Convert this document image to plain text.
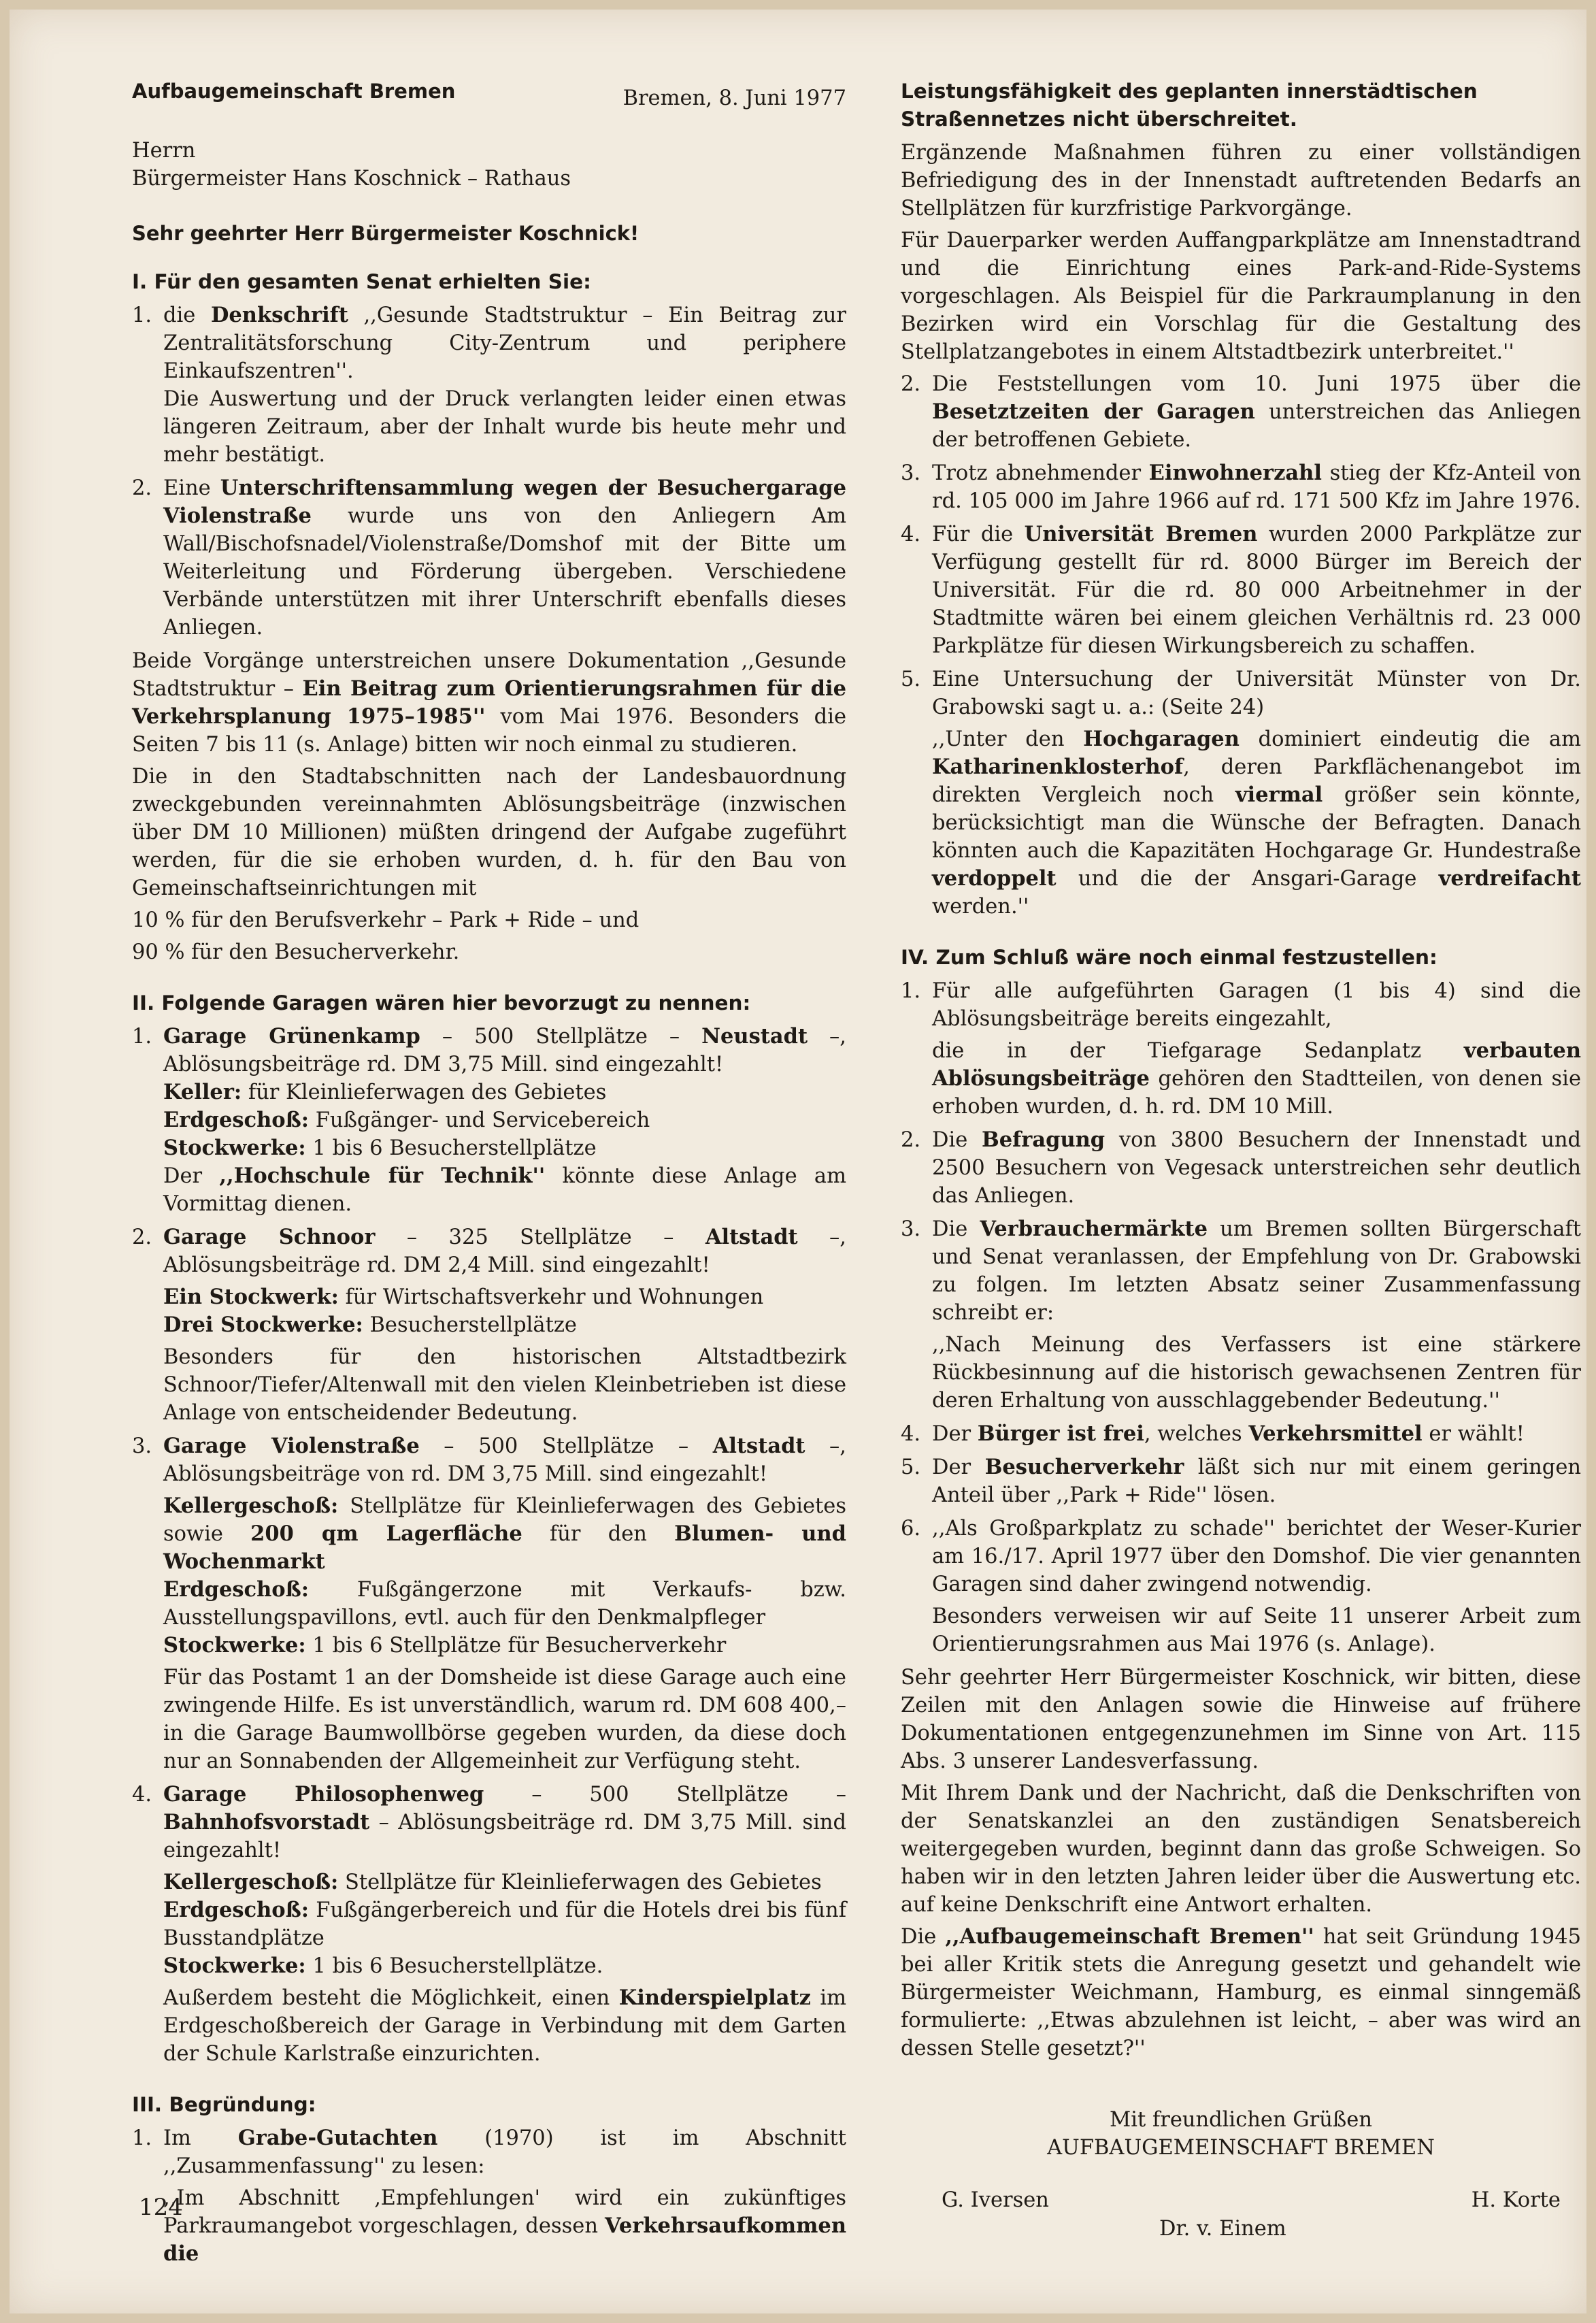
Aufbaugemeinschaft Bremen	Bremen, 8. Juni 1977
Herrn
Bürgermeister Hans Koschnick – Rathaus
Sehr geehrter Herr Bürgermeister Koschnick!
I. Für den gesamten Senat erhielten Sie:
1. die Denkschrift ,,Gesunde Stadtstruktur – Ein Beitrag zur Zentralitätsforschung City-Zentrum und periphere Einkaufszentren''.
Die Auswertung und der Druck verlangten leider einen etwas längeren Zeitraum, aber der Inhalt wurde bis heute mehr und mehr bestätigt.
2. Eine Unterschriftensammlung wegen der Besuchergarage Violenstraße wurde uns von den Anliegern Am Wall/Bischofsnadel/Violenstraße/Domshof mit der Bitte um Weiterleitung und Förderung übergeben. Verschiedene Verbände unterstützen mit ihrer Unterschrift ebenfalls dieses Anliegen.

Beide Vorgänge unterstreichen unsere Dokumentation ,,Gesunde Stadtstruktur – Ein Beitrag zum Orientierungsrahmen für die Verkehrsplanung 1975–1985'' vom Mai 1976. Besonders die Seiten 7 bis 11 (s. Anlage) bitten wir noch einmal zu studieren.

Die in den Stadtabschnitten nach der Landesbauordnung zweckgebunden vereinnahmten Ablösungsbeiträge (inzwischen über DM 10 Millionen) müßten dringend der Aufgabe zugeführt werden, für die sie erhoben wurden, d. h. für den Bau von Gemeinschaftseinrichtungen mit

10 % für den Berufsverkehr – Park + Ride – und

90 % für den Besucherverkehr.

II. Folgende Garagen wären hier bevorzugt zu nennen:
1. Garage Grünenkamp – 500 Stellplätze – Neustadt –, Ablösungsbeiträge rd. DM 3,75 Mill. sind eingezahlt!
Keller: für Kleinlieferwagen des Gebietes
Erdgeschoß: Fußgänger- und Servicebereich
Stockwerke: 1 bis 6 Besucherstellplätze
Der ,,Hochschule für Technik'' könnte diese Anlage am Vormittag dienen.
2. Garage Schnoor – 325 Stellplätze – Altstadt –, Ablösungsbeiträge rd. DM 2,4 Mill. sind eingezahlt!
Ein Stockwerk: für Wirtschaftsverkehr und Wohnungen
Drei Stockwerke: Besucherstellplätze
Besonders für den historischen Altstadtbezirk Schnoor/Tiefer/Altenwall mit den vielen Kleinbetrieben ist diese Anlage von entscheidender Bedeutung.
3. Garage Violenstraße – 500 Stellplätze – Altstadt –, Ablösungsbeiträge von rd. DM 3,75 Mill. sind eingezahlt!
Kellergeschoß: Stellplätze für Kleinlieferwagen des Gebietes sowie 200 qm Lagerfläche für den Blumen- und Wochenmarkt
Erdgeschoß: Fußgängerzone mit Verkaufs- bzw. Ausstellungspavillons, evtl. auch für den Denkmalpfleger
Stockwerke: 1 bis 6 Stellplätze für Besucherverkehr
Für das Postamt 1 an der Domsheide ist diese Garage auch eine zwingende Hilfe. Es ist unverständlich, warum rd. DM 608 400,– in die Garage Baumwollbörse gegeben wurden, da diese doch nur an Sonnabenden der Allgemeinheit zur Verfügung steht.
4. Garage Philosophenweg – 500 Stellplätze – Bahnhofsvorstadt – Ablösungsbeiträge rd. DM 3,75 Mill. sind eingezahlt!
Kellergeschoß: Stellplätze für Kleinlieferwagen des Gebietes
Erdgeschoß: Fußgängerbereich und für die Hotels drei bis fünf Busstandplätze
Stockwerke: 1 bis 6 Besucherstellplätze.
Außerdem besteht die Möglichkeit, einen Kinderspielplatz im Erdgeschoßbereich der Garage in Verbindung mit dem Garten der Schule Karlstraße einzurichten.
III. Begründung:
1. Im Grabe-Gutachten (1970) ist im Abschnitt ,,Zusammenfassung'' zu lesen:
,,Im Abschnitt ‚Empfehlungen' wird ein zukünftiges Parkraumangebot vorgeschlagen, dessen Verkehrsaufkommen die
Leistungsfähigkeit des geplanten innerstädtischen Straßennetzes nicht überschreitet.

Ergänzende Maßnahmen führen zu einer vollständigen Befriedigung des in der Innenstadt auftretenden Bedarfs an Stellplätzen für kurzfristige Parkvorgänge.

Für Dauerparker werden Auffangparkplätze am Innenstadtrand und die Einrichtung eines Park-and-Ride-Systems vorgeschlagen. Als Beispiel für die Parkraumplanung in den Bezirken wird ein Vorschlag für die Gestaltung des Stellplatzangebotes in einem Altstadtbezirk unterbreitet.''

2. Die Feststellungen vom 10. Juni 1975 über die Besetztzeiten der Garagen unterstreichen das Anliegen der betroffenen Gebiete.
3. Trotz abnehmender Einwohnerzahl stieg der Kfz-Anteil von rd. 105 000 im Jahre 1966 auf rd. 171 500 Kfz im Jahre 1976.
4. Für die Universität Bremen wurden 2000 Parkplätze zur Verfügung gestellt für rd. 8000 Bürger im Bereich der Universität. Für die rd. 80 000 Arbeitnehmer in der Stadtmitte wären bei einem gleichen Verhältnis rd. 23 000 Parkplätze für diesen Wirkungsbereich zu schaffen.
5. Eine Untersuchung der Universität Münster von Dr. Grabowski sagt u. a.: (Seite 24)
,,Unter den Hochgaragen dominiert eindeutig die am Katharinenklosterhof, deren Parkflächenangebot im direkten Vergleich noch viermal größer sein könnte, berücksichtigt man die Wünsche der Befragten. Danach könnten auch die Kapazitäten Hochgarage Gr. Hundestraße verdoppelt und die der Ansgari-Garage verdreifacht werden.''
IV. Zum Schluß wäre noch einmal festzustellen:
1. Für alle aufgeführten Garagen (1 bis 4) sind die Ablösungsbeiträge bereits eingezahlt,
die in der Tiefgarage Sedanplatz verbauten Ablösungsbeiträge gehören den Stadtteilen, von denen sie erhoben wurden, d. h. rd. DM 10 Mill.
2. Die Befragung von 3800 Besuchern der Innenstadt und 2500 Besuchern von Vegesack unterstreichen sehr deutlich das Anliegen.
3. Die Verbrauchermärkte um Bremen sollten Bürgerschaft und Senat veranlassen, der Empfehlung von Dr. Grabowski zu folgen. Im letzten Absatz seiner Zusammenfassung schreibt er:
,,Nach Meinung des Verfassers ist eine stärkere Rückbesinnung auf die historisch gewachsenen Zentren für deren Erhaltung von ausschlaggebender Bedeutung.''
4. Der Bürger ist frei, welches Verkehrsmittel er wählt!
5. Der Besucherverkehr läßt sich nur mit einem geringen Anteil über ,,Park + Ride'' lösen.
6. ,,Als Großparkplatz zu schade'' berichtet der Weser-Kurier am 16./17. April 1977 über den Domshof. Die vier genannten Garagen sind daher zwingend notwendig.
Besonders verweisen wir auf Seite 11 unserer Arbeit zum Orientierungsrahmen aus Mai 1976 (s. Anlage).

Sehr geehrter Herr Bürgermeister Koschnick, wir bitten, diese Zeilen mit den Anlagen sowie die Hinweise auf frühere Dokumentationen entgegenzunehmen im Sinne von Art. 115 Abs. 3 unserer Landesverfassung.

Mit Ihrem Dank und der Nachricht, daß die Denkschriften von der Senatskanzlei an den zuständigen Senatsbereich weitergegeben wurden, beginnt dann das große Schweigen. So haben wir in den letzten Jahren leider über die Auswertung etc. auf keine Denkschrift eine Antwort erhalten.

Die ,,Aufbaugemeinschaft Bremen'' hat seit Gründung 1945 bei aller Kritik stets die Anregung gesetzt und gehandelt wie Bürgermeister Weichmann, Hamburg, es einmal sinngemäß formulierte: ,,Etwas abzulehnen ist leicht, – aber was wird an dessen Stelle gesetzt?''

Mit freundlichen Grüßen
AUFBAUGEMEINSCHAFT BREMEN
G. Iversen	H. Korte
Dr. v. Einem
124
